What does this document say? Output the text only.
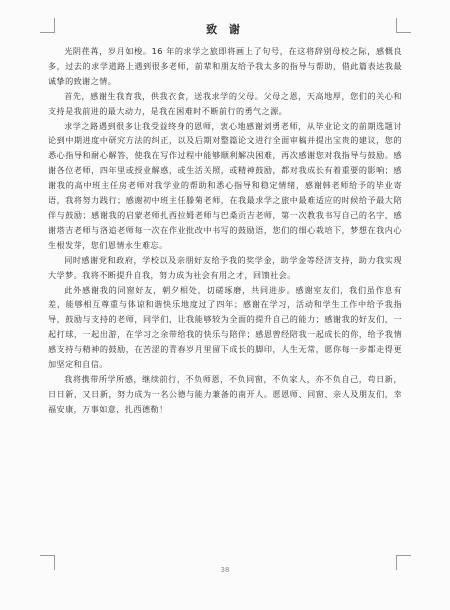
致 谢

光阴荏苒，岁月如梭。16 年的求学之旅即将画上了句号，在这将辞别母校之际，感慨良多，过去的求学道路上遇到很多老师，前辈和朋友给予我太多的指导与帮助，借此篇表达我最诚挚的致谢之情。

首先，感谢生我育我，供我衣食，送我求学的父母。父母之恩，天高地厚，您们的关心和支持是我前进的最大动力，是我在困难时不断前行的勇气之源。

求学之路遇到很多让我受益终身的恩师，衷心地感谢刘勇老师，从毕业论文的前期选题讨论到中期进度中研究方法的纠正，以及后期对整篇论文进行全面审稿并提出宝贵的建议，您的悉心指导和耐心解答，使我在写作过程中能够顺利解决困难，再次感谢您对我指导与鼓励。感谢各位老师，四年里或授业解惑，或生活关照，或精神鼓励，都对我成长有着重要的影响；感谢我的高中班主任房老师对我学业的帮助和悉心指导和稳定情绪，感谢韩老师给予的毕业寄语，我将努力践行；感谢初中班主任滕菊老师，在我最求学之旅中最难适应的时候给予最大陪伴与鼓励；感谢我的启蒙老师扎西拉姆老师与巴桑贡吉老师，第一次教我书写自己的名字，感谢塔吉老师与洛追老师每一次在作业批改中书写的鼓励语，您们的细心栽培下，梦想在我内心生根发芽，您们恩情永生难忘。

同时感谢党和政府，学校以及亲朋好友给予我的奖学金，助学金等经济支持，助力我实现大学梦。我将不断提升自我，努力成为社会有用之才，回馈社会。

此外感谢我的同窗好友，朝夕相处，切磋琢磨，共同进步。感谢室友们，我们虽作息有差，能够相互尊重与体谅和谐快乐地度过了四年；感谢在学习，活动和学生工作中给予我指导，鼓励与支持的老师，同学们，让我能够较为全面的提升自己的能力；感谢我的好友们，一起打球，一起出游，在学习之余带给我的快乐与陪伴；感恩曾经陪我一起成长的你，给予我情感支持与精神的鼓励，在苦涩的青春岁月里留下成长的脚印，人生无常，愿你每一步都走得更加坚定和自信。

我将携带所学所感，继续前行，不负师恩，不负同窗，不负家人，亦不负自己，苟日新，日日新，又日新，努力成为一名公德与能力兼备的南开人。愿恩师、同窗、亲人及朋友们，幸福安康，万事如意，扎西德勒！

38
